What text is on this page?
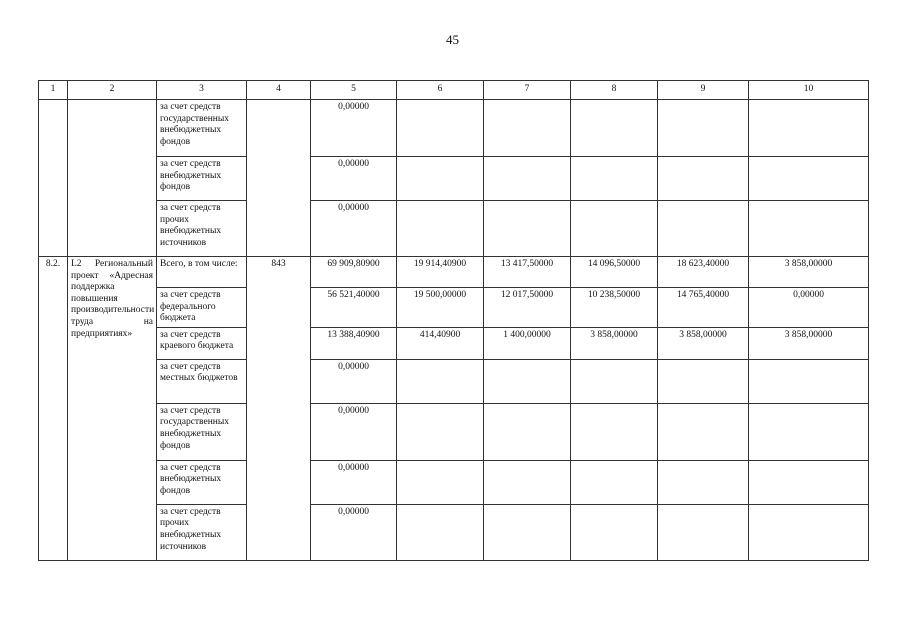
45
1	2	3	4	5	6	7	8	9	10
		за счет средств государственных внебюджетных фондов		0,00000					
		за счет средств внебюджетных фондов		0,00000					
		за счет средств прочих внебюджетных источников		0,00000					
8.2.	L2 Региональный проект «Адресная поддержка повышения производительности труда на предприятиях»	Всего, в том числе:	843	69 909,80900	19 914,40900	13 417,50000	14 096,50000	18 623,40000	3 858,00000
		за счет средств федерального бюджета		56 521,40000	19 500,00000	12 017,50000	10 238,50000	14 765,40000	0,00000
		за счет средств краевого бюджета		13 388,40900	414,40900	1 400,00000	3 858,00000	3 858,00000	3 858,00000
		за счет средств местных бюджетов		0,00000					
		за счет средств государственных внебюджетных фондов		0,00000					
		за счет средств внебюджетных фондов		0,00000					
		за счет средств прочих внебюджетных источников		0,00000					
